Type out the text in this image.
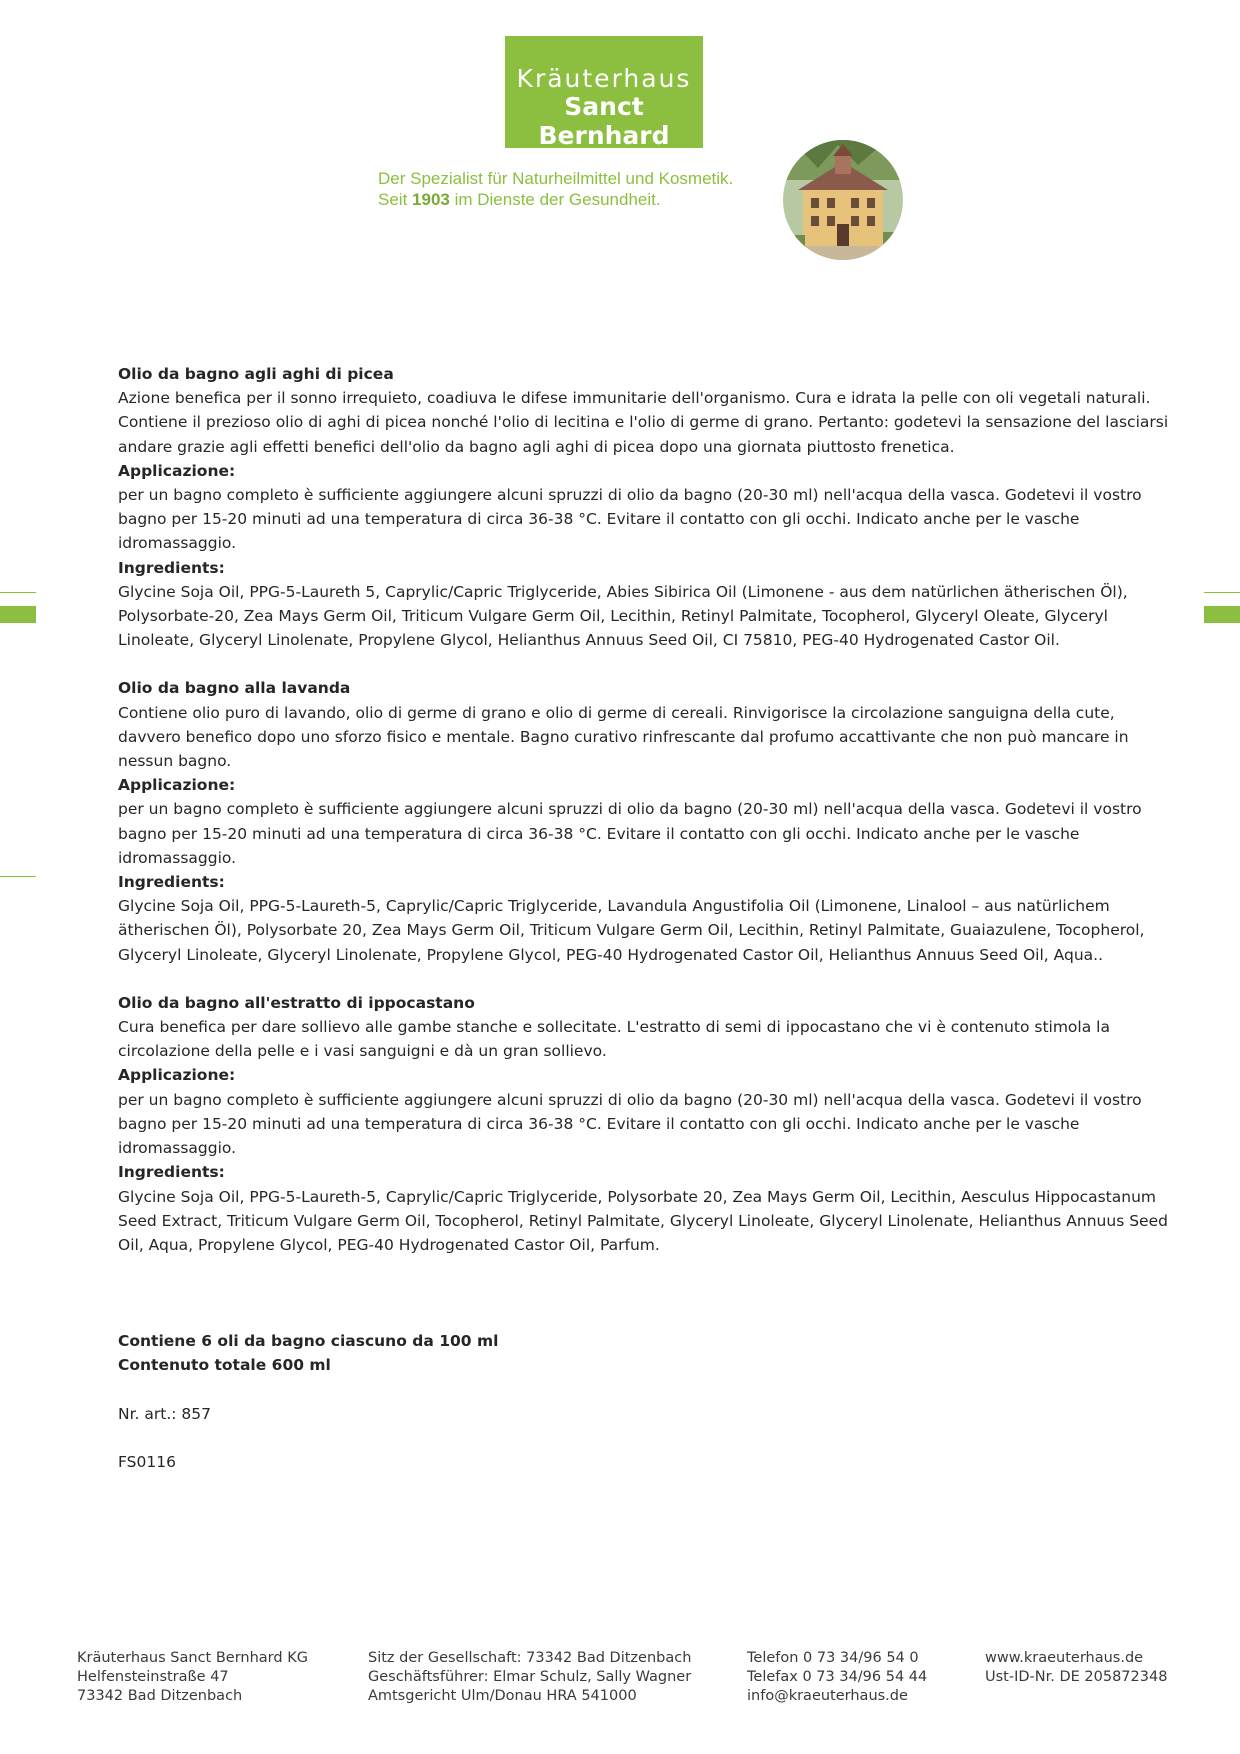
Kräuterhaus
Sanct Bernhard
Der Spezialist für Naturheilmittel und Kosmetik.
Seit 1903 im Dienste der Gesundheit.

Olio da bagno agli aghi di picea

Azione benefica per il sonno irrequieto, coadiuva le difese immunitarie dell'organismo. Cura e idrata la pelle con oli vegetali naturali. Contiene il prezioso olio di aghi di picea nonché l'olio di lecitina e l'olio di germe di grano. Pertanto: godetevi la sensazione del lasciarsi andare grazie agli effetti benefici dell'olio da bagno agli aghi di picea dopo una giornata piuttosto frenetica.

Applicazione:

per un bagno completo è sufficiente aggiungere alcuni spruzzi di olio da bagno (20-30 ml) nell'acqua della vasca. Godetevi il vostro bagno per 15-20 minuti ad una temperatura di circa 36-38 °C. Evitare il contatto con gli occhi. Indicato anche per le vasche idromassaggio.

Ingredients:

Glycine Soja Oil, PPG-5-Laureth 5, Caprylic/Capric Triglyceride, Abies Sibirica Oil (Limonene - aus dem natürlichen ätherischen Öl), Polysorbate-20, Zea Mays Germ Oil, Triticum Vulgare Germ Oil, Lecithin, Retinyl Palmitate, Tocopherol, Glyceryl Oleate, Glyceryl Linoleate, Glyceryl Linolenate, Propylene Glycol, Helianthus Annuus Seed Oil, CI 75810, PEG-40 Hydrogenated Castor Oil.

Olio da bagno alla lavanda

Contiene olio puro di lavando, olio di germe di grano e olio di germe di cereali. Rinvigorisce la circolazione sanguigna della cute, davvero benefico dopo uno sforzo fisico e mentale. Bagno curativo rinfrescante dal profumo accattivante che non può mancare in nessun bagno.

Applicazione:

per un bagno completo è sufficiente aggiungere alcuni spruzzi di olio da bagno (20-30 ml) nell'acqua della vasca. Godetevi il vostro bagno per 15-20 minuti ad una temperatura di circa 36-38 °C. Evitare il contatto con gli occhi. Indicato anche per le vasche idromassaggio.

Ingredients:

Glycine Soja Oil, PPG-5-Laureth-5, Caprylic/Capric Triglyceride, Lavandula Angustifolia Oil (Limonene, Linalool – aus natürlichem ätherischen Öl), Polysorbate 20, Zea Mays Germ Oil, Triticum Vulgare Germ Oil, Lecithin, Retinyl Palmitate, Guaiazulene, Tocopherol, Glyceryl Linoleate, Glyceryl Linolenate, Propylene Glycol, PEG-40 Hydrogenated Castor Oil, Helianthus Annuus Seed Oil, Aqua..

Olio da bagno all'estratto di ippocastano

Cura benefica per dare sollievo alle gambe stanche e sollecitate. L'estratto di semi di ippocastano che vi è contenuto stimola la circolazione della pelle e i vasi sanguigni e dà un gran sollievo.

Applicazione:

per un bagno completo è sufficiente aggiungere alcuni spruzzi di olio da bagno (20-30 ml) nell'acqua della vasca. Godetevi il vostro bagno per 15-20 minuti ad una temperatura di circa 36-38 °C. Evitare il contatto con gli occhi. Indicato anche per le vasche idromassaggio.

Ingredients:

Glycine Soja Oil, PPG-5-Laureth-5, Caprylic/Capric Triglyceride, Polysorbate 20, Zea Mays Germ Oil, Lecithin, Aesculus Hippocastanum Seed Extract, Triticum Vulgare Germ Oil, Tocopherol, Retinyl Palmitate, Glyceryl Linoleate, Glyceryl Linolenate, Helianthus Annuus Seed Oil, Aqua, Propylene Glycol, PEG-40 Hydrogenated Castor Oil, Parfum.

Contiene 6 oli da bagno ciascuno da 100 ml

Contenuto totale 600 ml

Nr. art.: 857

FS0116

Kräuterhaus Sanct Bernhard KG
Helfensteinstraße 47
73342 Bad Ditzenbach
Sitz der Gesellschaft: 73342 Bad Ditzenbach
Geschäftsführer: Elmar Schulz, Sally Wagner
Amtsgericht Ulm/Donau HRA 541000
Telefon 0 73 34/96 54 0
Telefax 0 73 34/96 54 44
info@kraeuterhaus.de
www.kraeuterhaus.de
Ust-ID-Nr. DE 205872348
